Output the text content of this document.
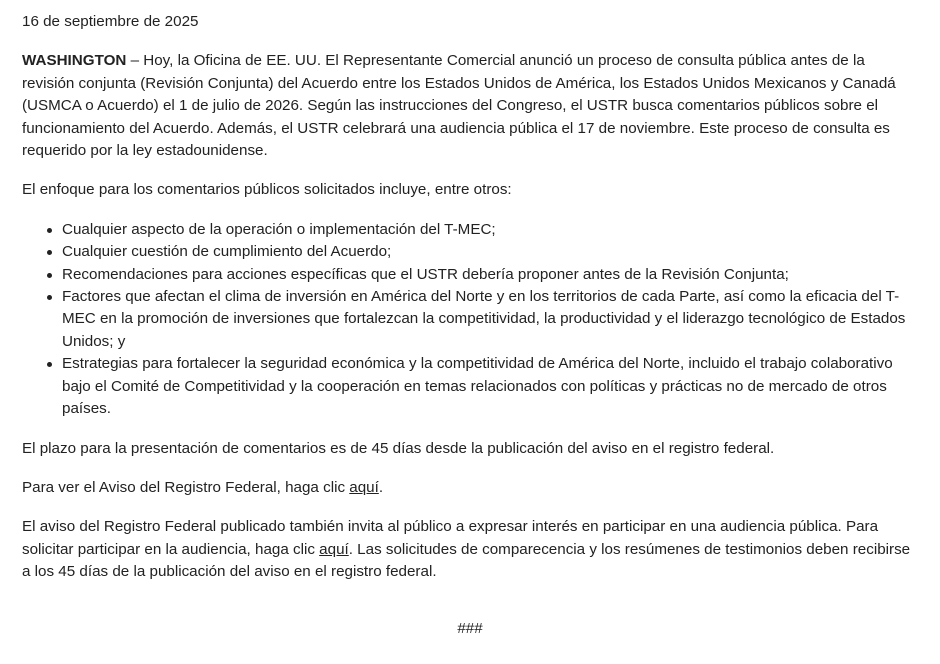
16 de septiembre de 2025

WASHINGTON – Hoy, la Oficina de EE. UU. El Representante Comercial anunció un proceso de consulta pública antes de la revisión conjunta (Revisión Conjunta) del Acuerdo entre los Estados Unidos de América, los Estados Unidos Mexicanos y Canadá (USMCA o Acuerdo) el 1 de julio de 2026. Según las instrucciones del Congreso, el USTR busca comentarios públicos sobre el funcionamiento del Acuerdo. Además, el USTR celebrará una audiencia pública el 17 de noviembre. Este proceso de consulta es requerido por la ley estadounidense.

El enfoque para los comentarios públicos solicitados incluye, entre otros:

Cualquier aspecto de la operación o implementación del T-MEC;
Cualquier cuestión de cumplimiento del Acuerdo;
Recomendaciones para acciones específicas que el USTR debería proponer antes de la Revisión Conjunta;
Factores que afectan el clima de inversión en América del Norte y en los territorios de cada Parte, así como la eficacia del T-MEC en la promoción de inversiones que fortalezcan la competitividad, la productividad y el liderazgo tecnológico de Estados Unidos; y
Estrategias para fortalecer la seguridad económica y la competitividad de América del Norte, incluido el trabajo colaborativo bajo el Comité de Competitividad y la cooperación en temas relacionados con políticas y prácticas no de mercado de otros países.

El plazo para la presentación de comentarios es de 45 días desde la publicación del aviso en el registro federal.

Para ver el Aviso del Registro Federal, haga clic aquí.

El aviso del Registro Federal publicado también invita al público a expresar interés en participar en una audiencia pública. Para solicitar participar en la audiencia, haga clic aquí. Las solicitudes de comparecencia y los resúmenes de testimonios deben recibirse a los 45 días de la publicación del aviso en el registro federal.

###
